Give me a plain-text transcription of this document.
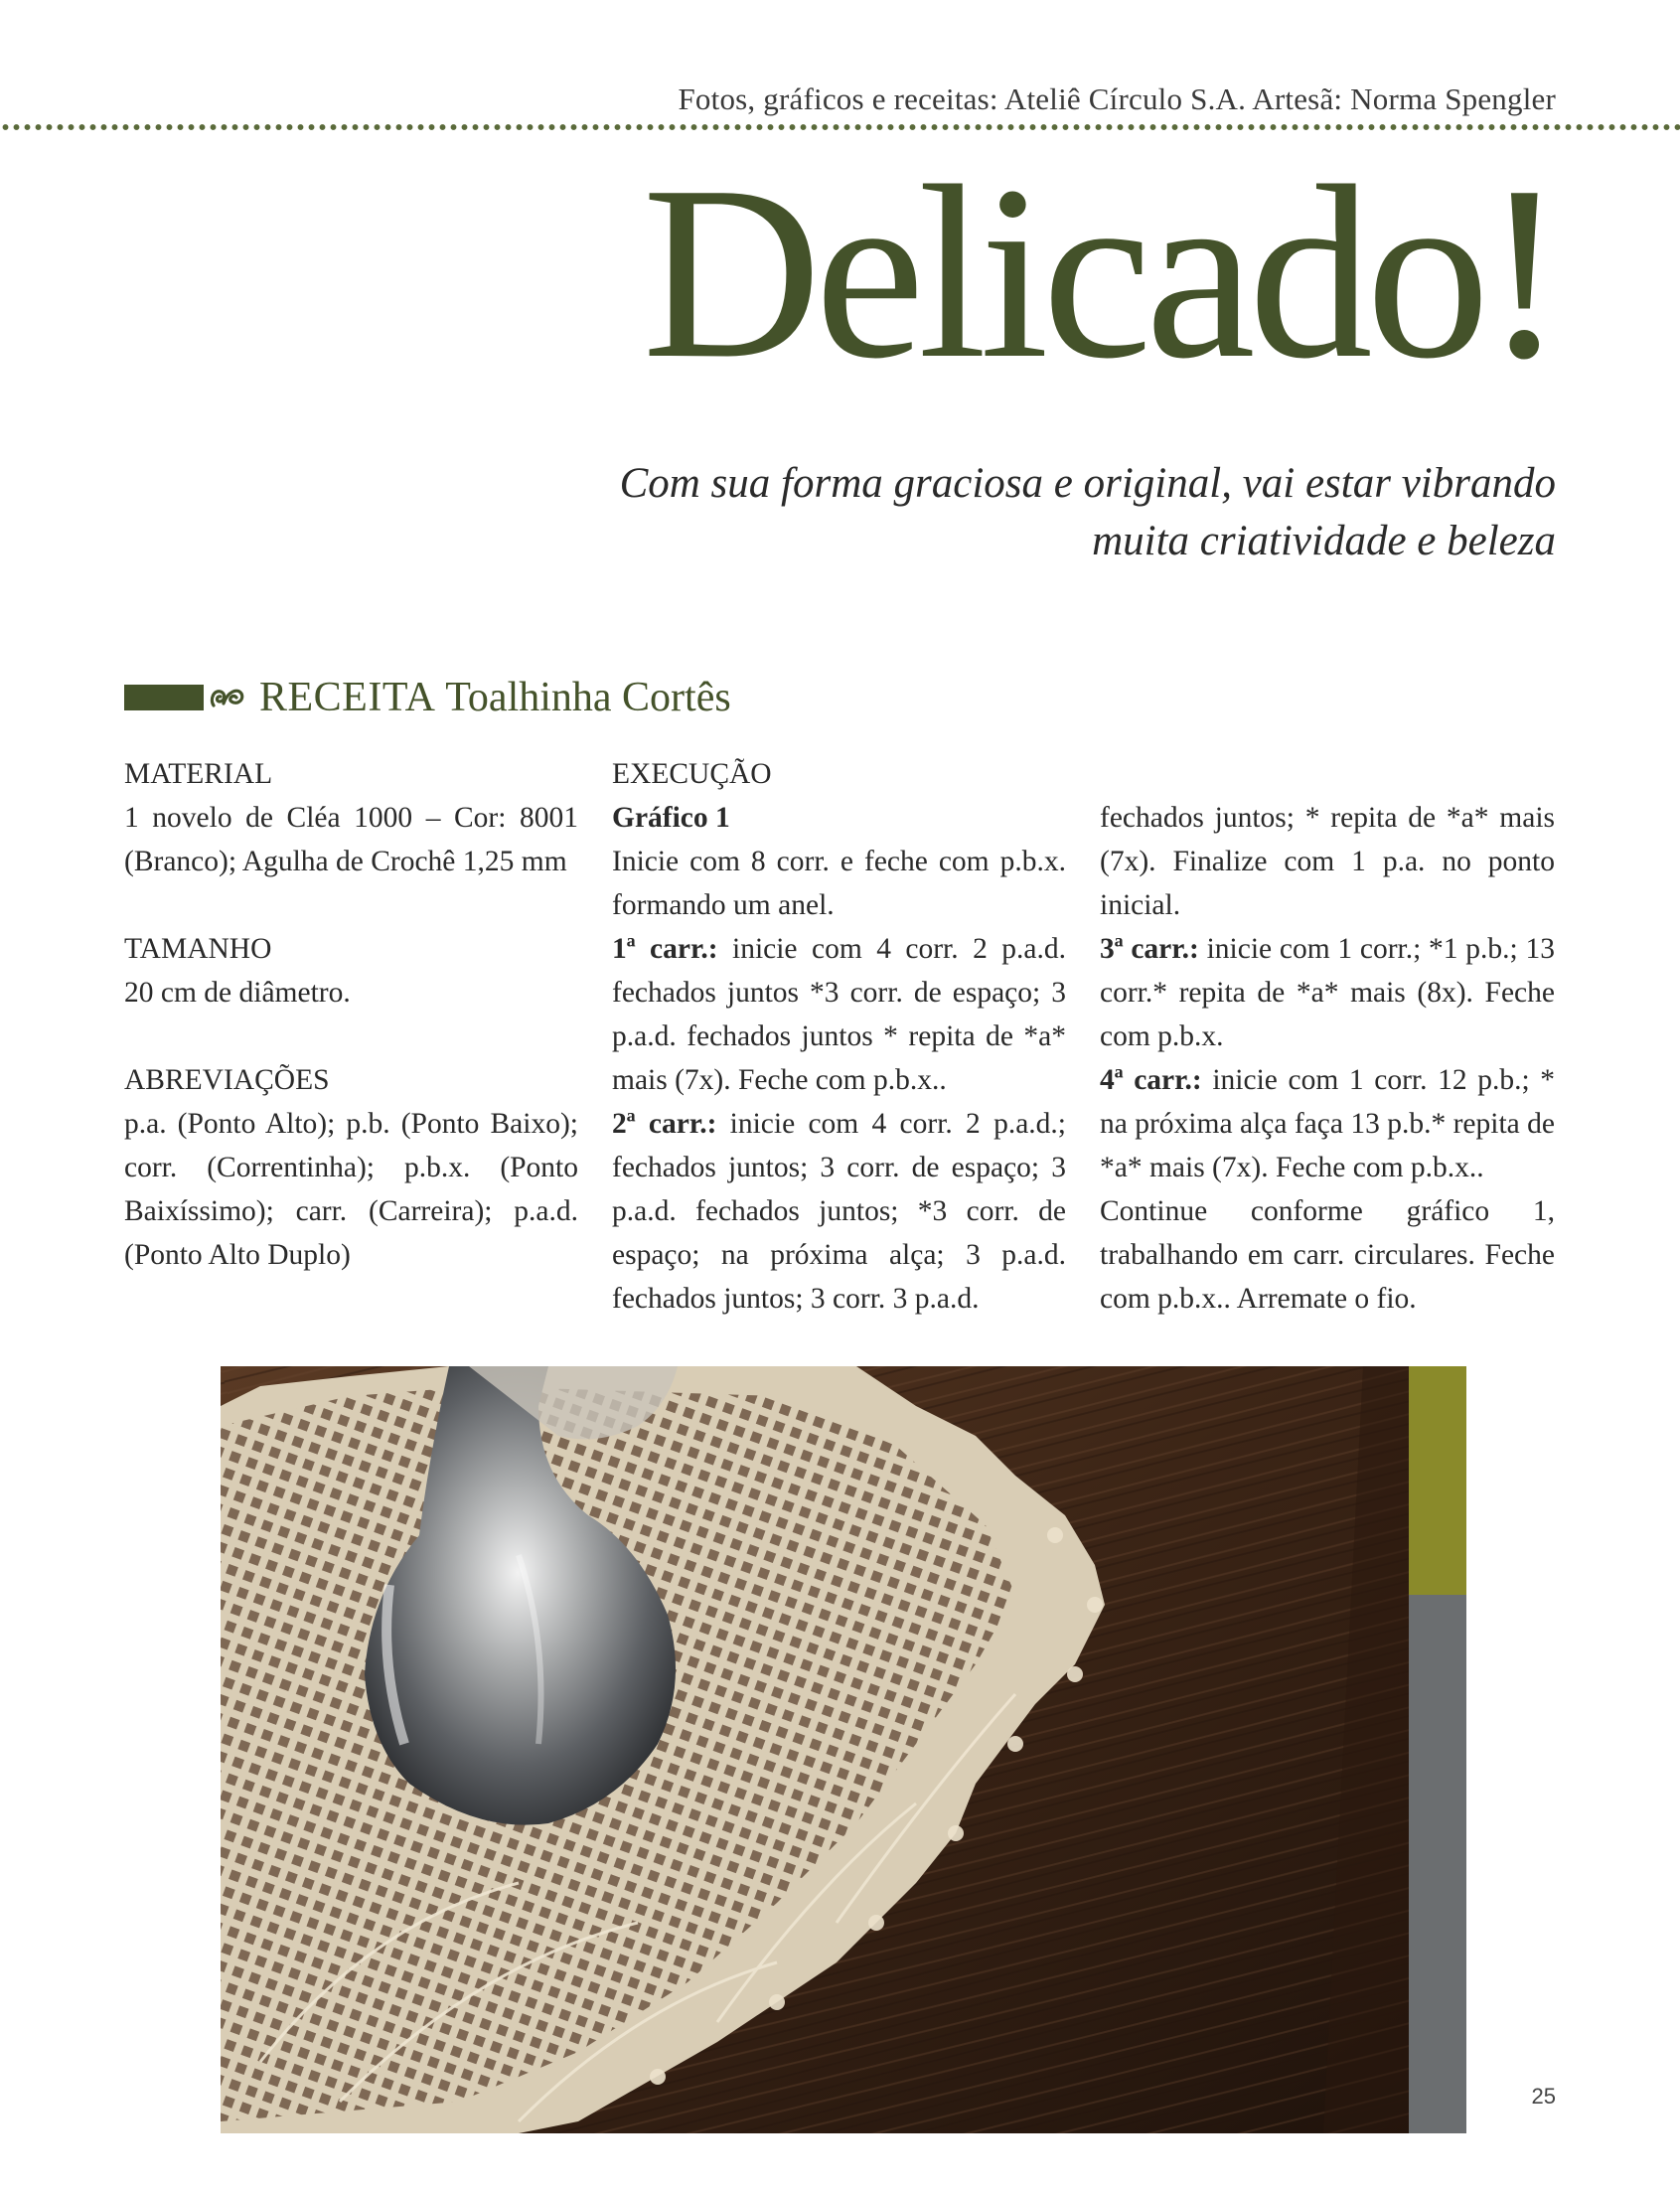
Fotos, gráficos e receitas: Ateliê Círculo S.A. Artesã: Norma Spengler
Delicado!

Com sua forma graciosa e original, vai estar vibrando
muita criatividade e beleza

RECEITA Toalhinha Cortês

MATERIAL

1 novelo de Cléa 1000 – Cor: 8001 (Branco); Agulha de Crochê 1,25 mm

TAMANHO

20 cm de diâmetro.

ABREVIAÇÕES

p.a. (Ponto Alto); p.b. (Ponto Baixo); corr. (Correntinha); p.b.x. (Ponto Baixíssimo); carr. (Carreira); p.a.d. (Ponto Alto Duplo)

EXECUÇÃO

Gráfico 1

Inicie com 8 corr. e feche com p.b.x. formando um anel.

1ª carr.: inicie com 4 corr. 2 p.a.d. fechados juntos *3 corr. de espaço; 3 p.a.d. fechados juntos * repita de *a* mais (7x). Feche com p.b.x..

2ª carr.: inicie com 4 corr. 2 p.a.d.; fechados juntos; 3 corr. de espaço; 3 p.a.d. fechados juntos; *3 corr. de espaço; na próxima alça; 3 p.a.d. fechados juntos; 3 corr. 3 p.a.d.

fechados juntos; * repita de *a* mais (7x). Finalize com 1 p.a. no ponto inicial.

3ª carr.: inicie com 1 corr.; *1 p.b.; 13 corr.* repita de *a* mais (8x). Feche com p.b.x.

4ª carr.: inicie com 1 corr. 12 p.b.; * na próxima alça faça 13 p.b.* repita de *a* mais (7x). Feche com p.b.x..

Continue conforme gráfico 1, trabalhando em carr. circulares. Feche com p.b.x.. Arremate o fio.

25
